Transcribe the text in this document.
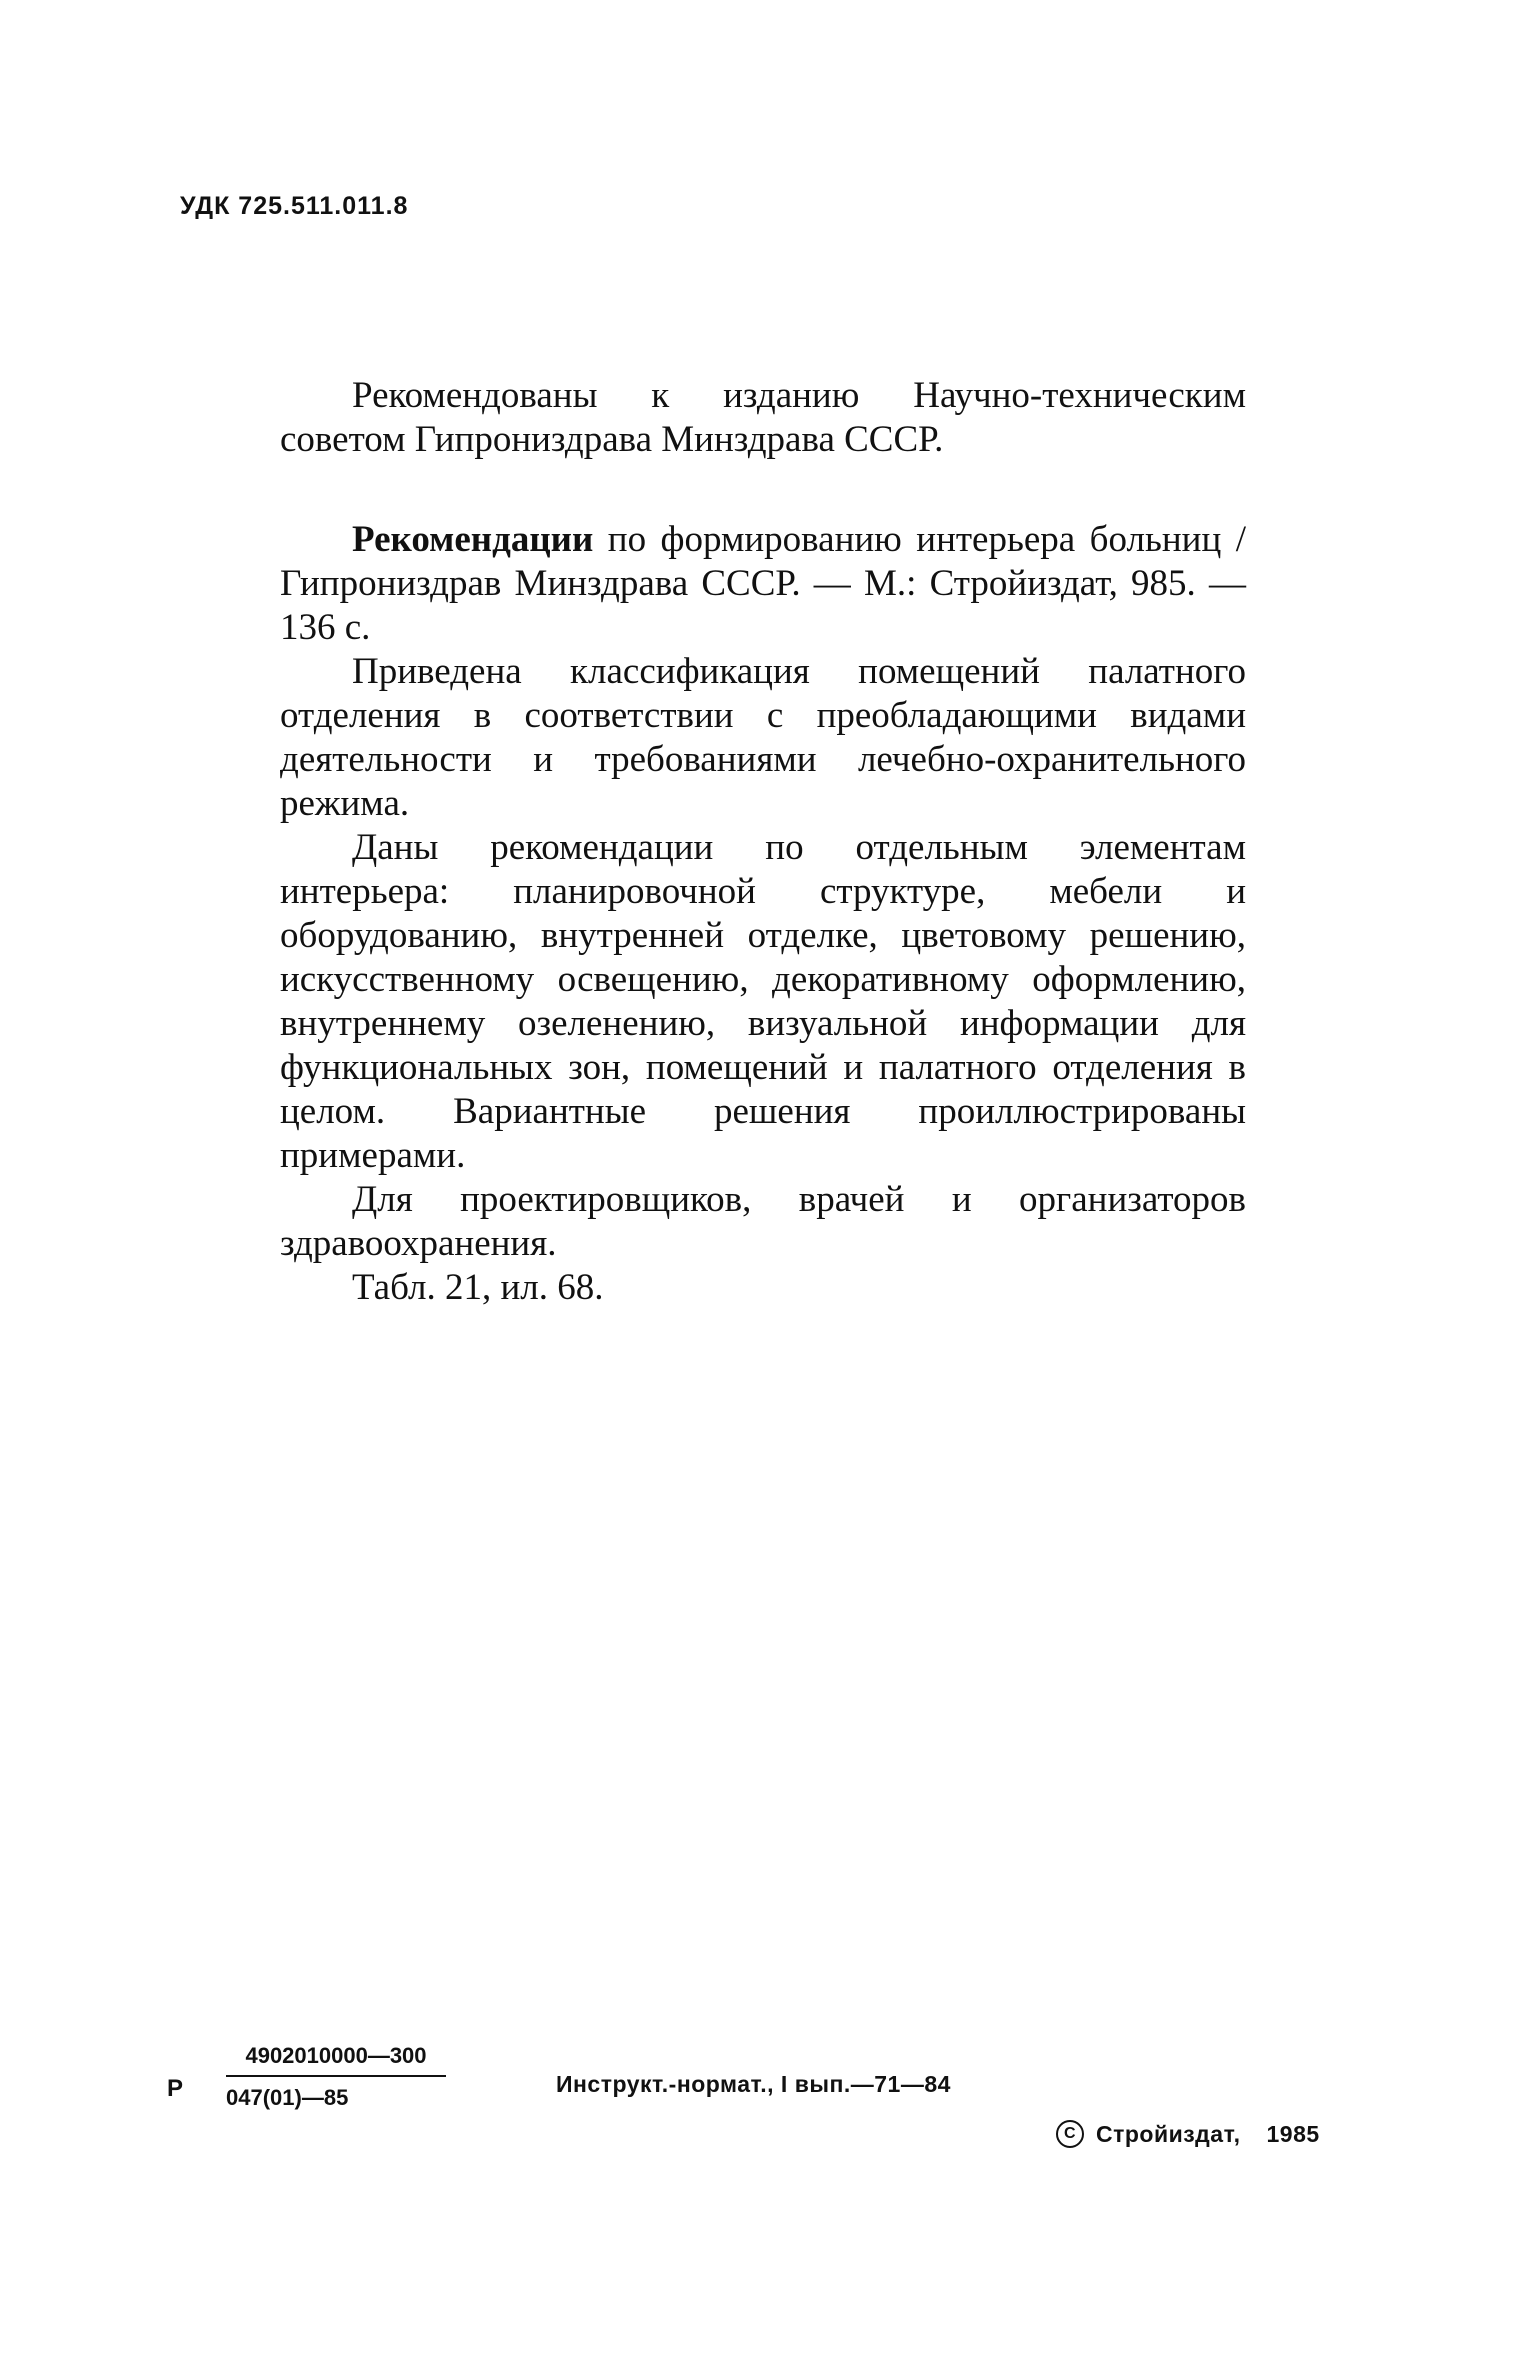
УДК 725.511.011.8

Рекомендованы к изданию Научно-техническим советом Гипрониздрава Минздрава СССР.

Рекомендации по формированию интерьера больниц / Гипрониздрав Минздрава СССР. — М.: Стройиздат, 985. — 136 с.

Приведена классификация помещений палатного отделения в соответствии с преобладающими видами деятельности и требованиями лечебно-охранительного режима.

Даны рекомендации по отдельным элементам интерьера: планировочной структуре, мебели и оборудованию, внутренней отделке, цветовому решению, искусственному освещению, декоративному оформлению, внутреннему озеленению, визуальной информации для функциональных зон, помещений и палатного отделения в целом. Вариантные решения проиллюстрированы примерами.

Для проектировщиков, врачей и организаторов здравоохранения.

Табл. 21, ил. 68.

Р $\frac{4902010000—300}{047(01)—85}$	Инструкт.-нормат., I вып.—71—84
С Стройиздат, 1985
